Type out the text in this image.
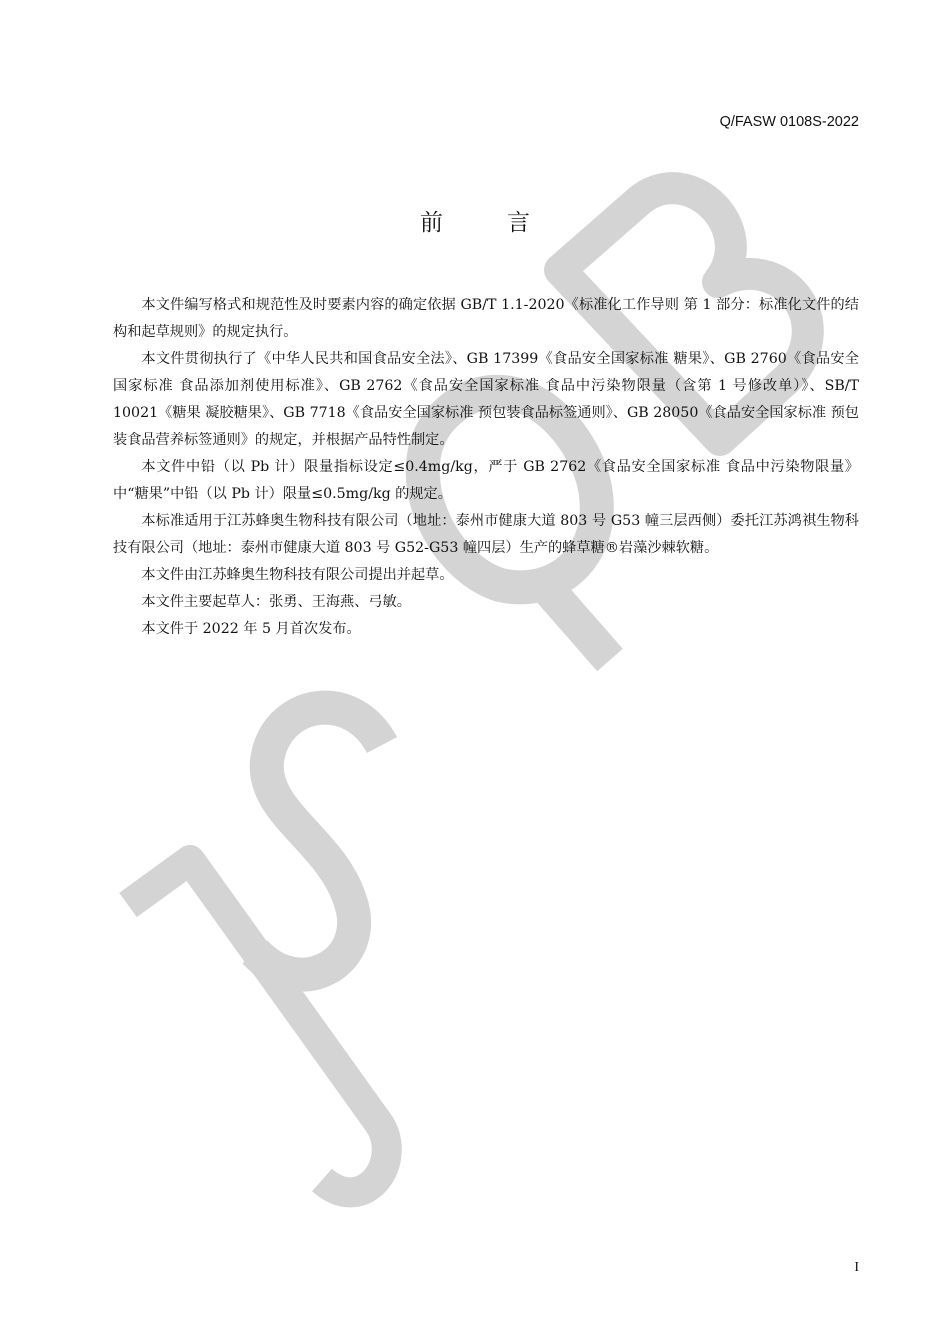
Q/FASW 0108S-2022
前言

本文件编写格式和规范性及时要素内容的确定依据 GB/T 1.1-2020《标准化工作导则 第 1 部分：标准化文件的结构和起草规则》的规定执行。

本文件贯彻执行了《中华人民共和国食品安全法》、GB 17399《食品安全国家标准 糖果》、GB 2760《食品安全国家标准 食品添加剂使用标准》、GB 2762《食品安全国家标准 食品中污染物限量（含第 1 号修改单）》、SB/T 10021《糖果 凝胶糖果》、GB 7718《食品安全国家标准 预包装食品标签通则》、GB 28050《食品安全国家标准 预包装食品营养标签通则》的规定，并根据产品特性制定。

本文件中铅（以 Pb 计）限量指标设定≤0.4mg/kg，严于 GB 2762《食品安全国家标准 食品中污染物限量》中“糖果”中铅（以 Pb 计）限量≤0.5mg/kg 的规定。

本标准适用于江苏蜂奥生物科技有限公司（地址：泰州市健康大道 803 号 G53 幢三层西侧）委托江苏鸿祺生物科技有限公司（地址：泰州市健康大道 803 号 G52-G53 幢四层）生产的蜂草糖®岩藻沙棘软糖。

本文件由江苏蜂奥生物科技有限公司提出并起草。

本文件主要起草人：张勇、王海燕、弓敏。

本文件于 2022 年 5 月首次发布。

I
